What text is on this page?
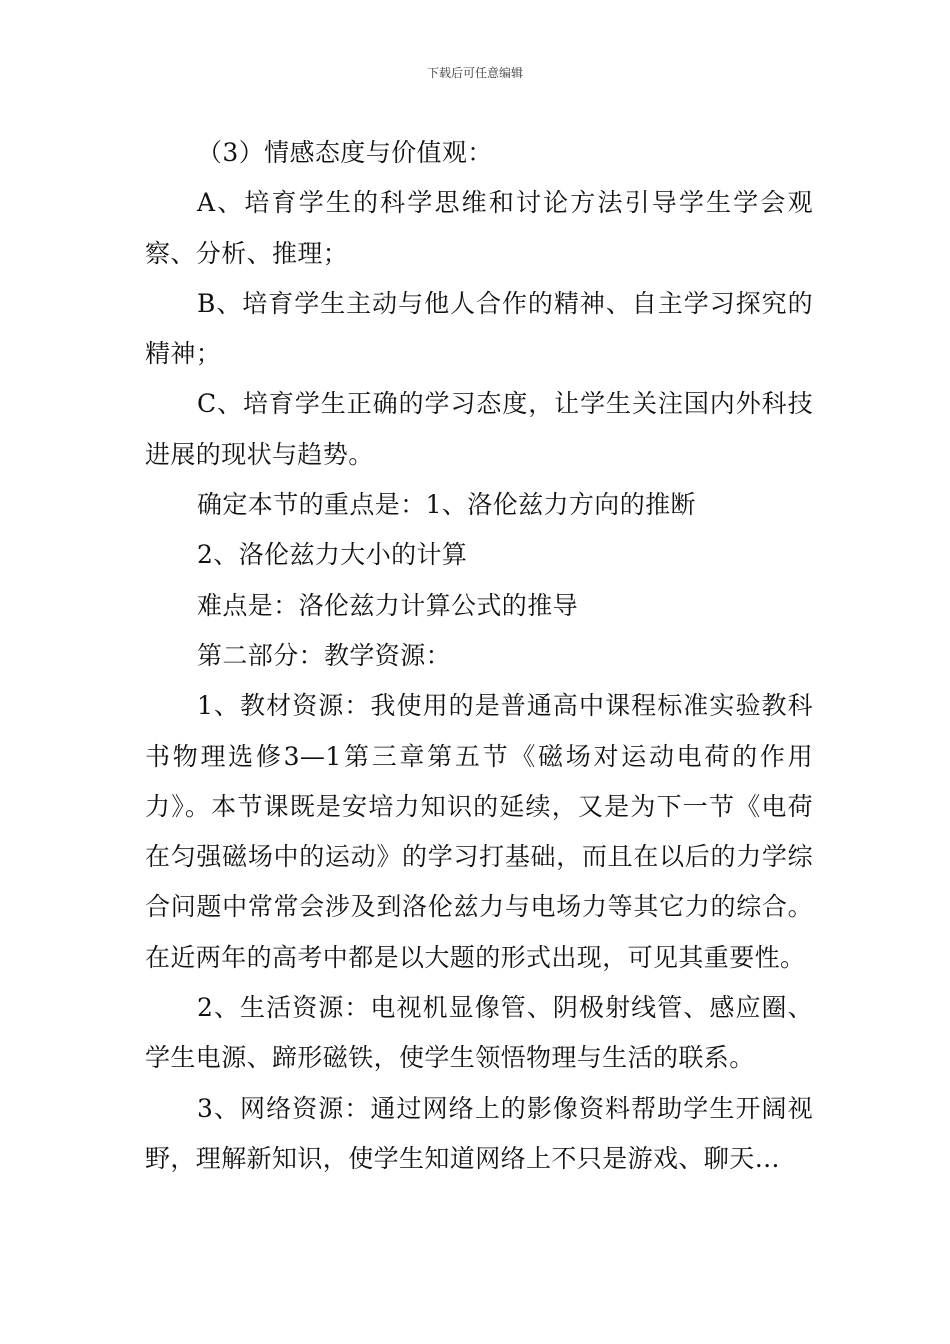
下载后可任意编辑

（3）情感态度与价值观：

A、培育学生的科学思维和讨论方法引导学生学会观察、分析、推理；

B、培育学生主动与他人合作的精神、自主学习探究的精神；

C、培育学生正确的学习态度，让学生关注国内外科技进展的现状与趋势。

确定本节的重点是：1、洛伦兹力方向的推断

2、洛伦兹力大小的计算

难点是：洛伦兹力计算公式的推导

第二部分：教学资源：

1、教材资源：我使用的是普通高中课程标准实验教科书物理选修3—1第三章第五节《磁场对运动电荷的作用力》。本节课既是安培力知识的延续，又是为下一节《电荷在匀强磁场中的运动》的学习打基础，而且在以后的力学综合问题中常常会涉及到洛伦兹力与电场力等其它力的综合。在近两年的高考中都是以大题的形式出现，可见其重要性。

2、生活资源：电视机显像管、阴极射线管、感应圈、学生电源、蹄形磁铁，使学生领悟物理与生活的联系。

3、网络资源：通过网络上的影像资料帮助学生开阔视野，理解新知识，使学生知道网络上不只是游戏、聊天…
